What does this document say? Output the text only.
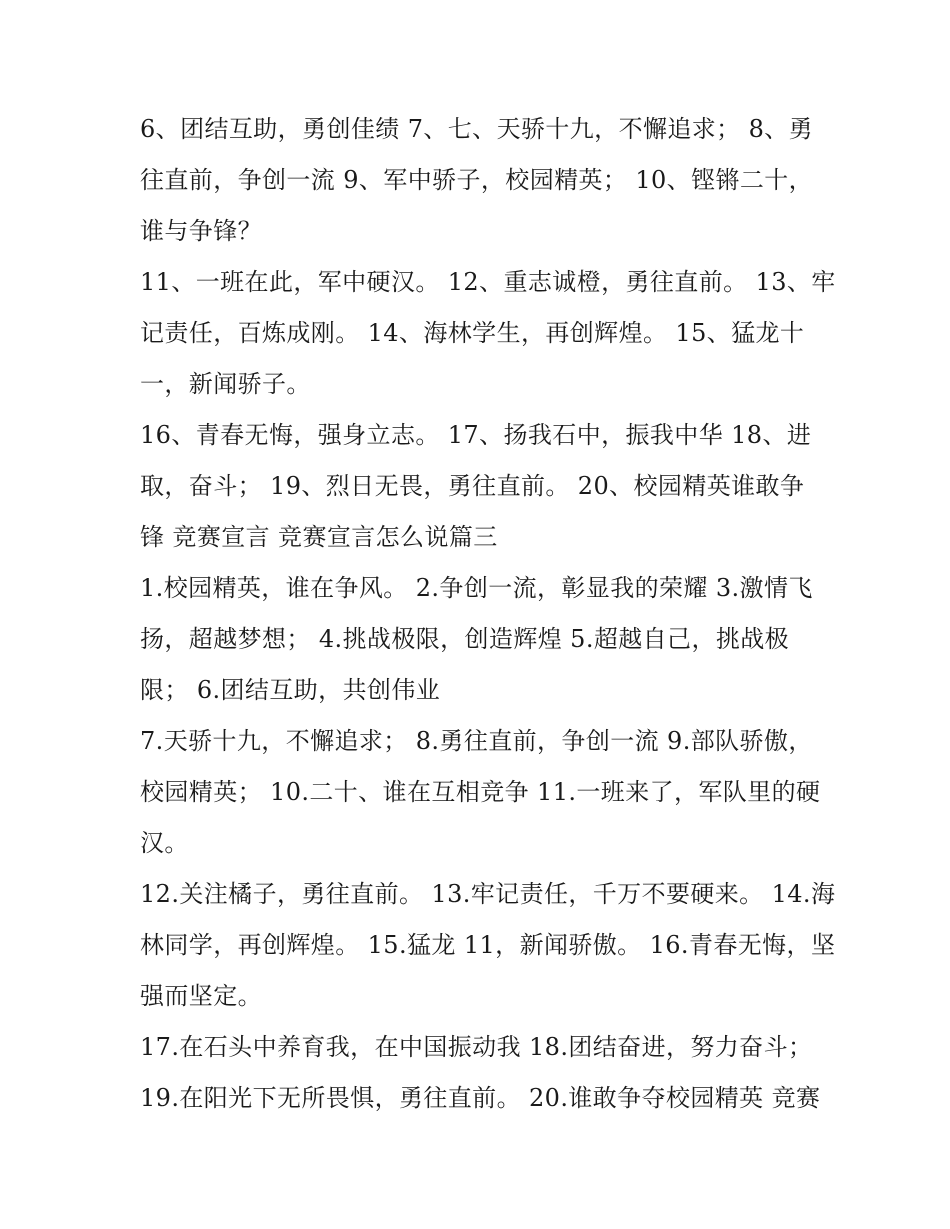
6、团结互助，勇创佳绩 7、七、天骄十九，不懈追求； 8、勇
往直前，争创一流 9、军中骄子，校园精英； 10、铿锵二十，
谁与争锋？

11、一班在此，军中硬汉。 12、重志诚橙，勇往直前。 13、牢
记责任，百炼成刚。 14、海林学生，再创辉煌。 15、猛龙十
一，新闻骄子。

16、青春无悔，强身立志。 17、扬我石中，振我中华 18、进
取，奋斗； 19、烈日无畏，勇往直前。 20、校园精英谁敢争
锋 竞赛宣言 竞赛宣言怎么说篇三

1.校园精英，谁在争风。 2.争创一流，彰显我的荣耀 3.激情飞
扬，超越梦想； 4.挑战极限，创造辉煌 5.超越自己，挑战极
限； 6.团结互助，共创伟业

7.天骄十九，不懈追求； 8.勇往直前，争创一流 9.部队骄傲，
校园精英； 10.二十、谁在互相竞争 11.一班来了，军队里的硬
汉。

12.关注橘子，勇往直前。 13.牢记责任，千万不要硬来。 14.海
林同学，再创辉煌。 15.猛龙 11，新闻骄傲。 16.青春无悔，坚
强而坚定。

17.在石头中养育我，在中国振动我 18.团结奋进，努力奋斗；
19.在阳光下无所畏惧，勇往直前。 20.谁敢争夺校园精英 竞赛
